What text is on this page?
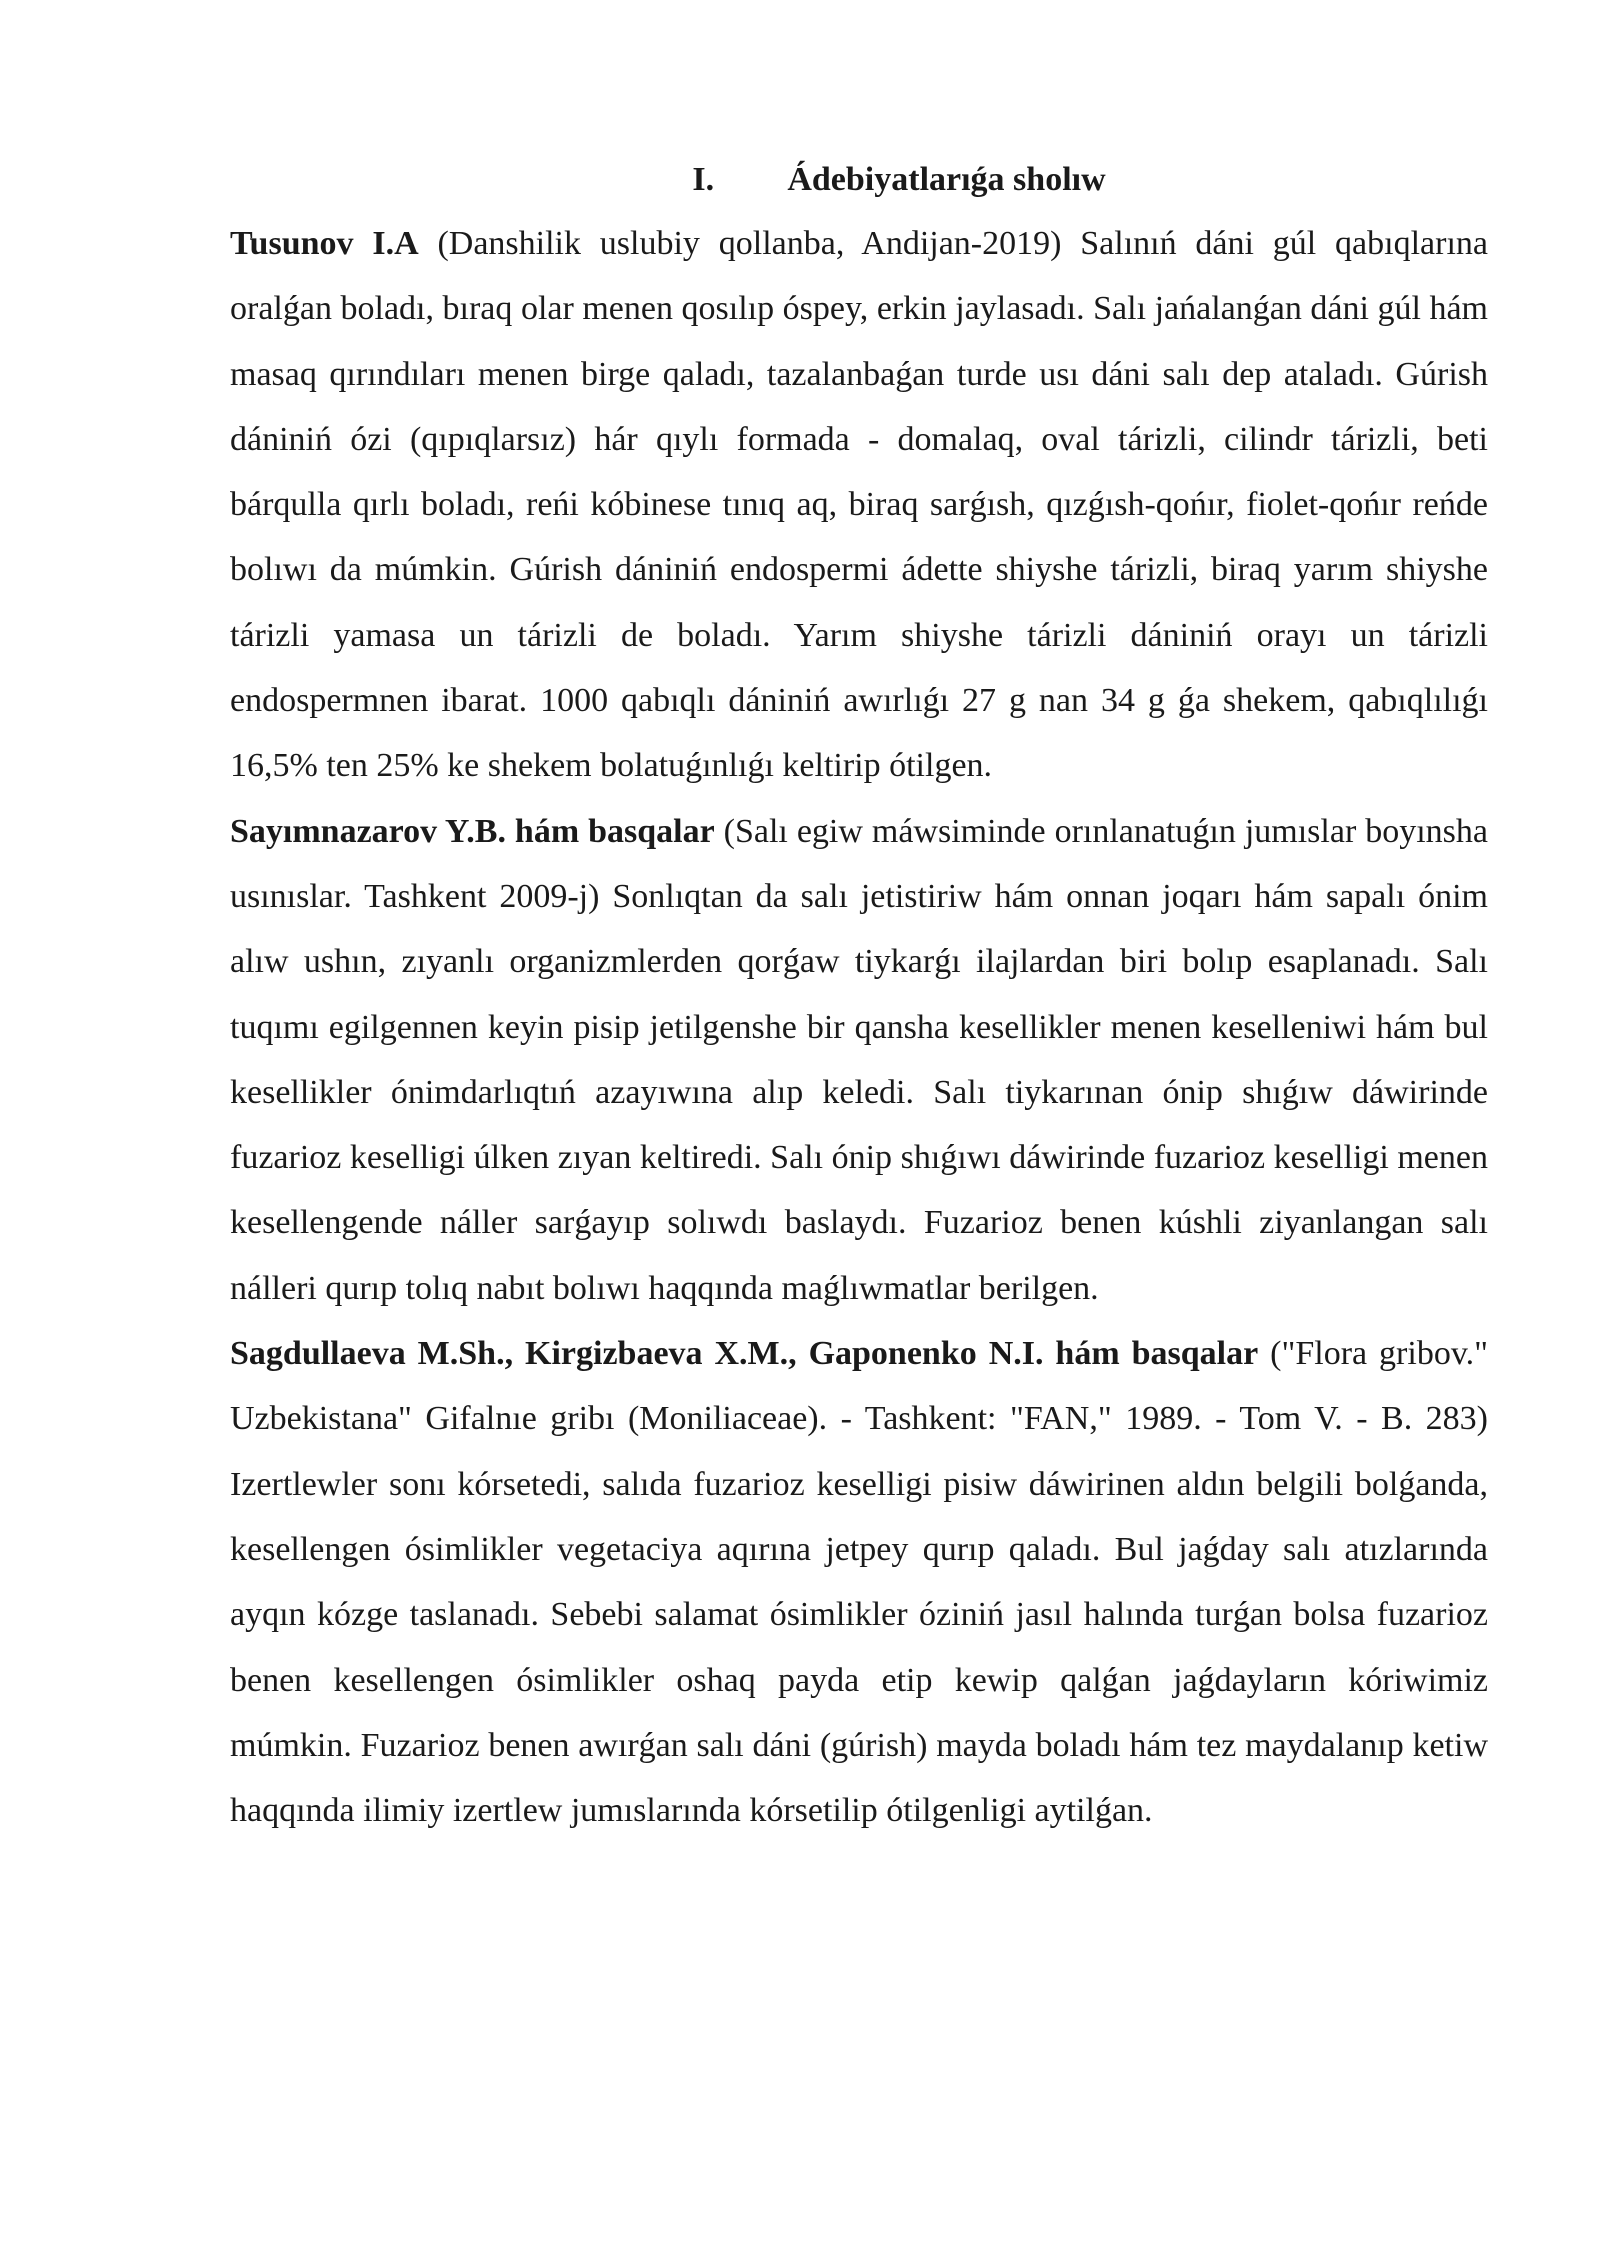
I. Ádebiyatlarıǵa sholıw

Tusunov I.A (Danshilik uslubiy qollanba, Andijan-2019) Salınıń dáni gúl qabıqlarına oralǵan boladı, bıraq olar menen qosılıp óspey, erkin jaylasadı. Salı jańalanǵan dáni gúl hám masaq qırındıları menen birge qaladı, tazalanbaǵan turde usı dáni salı dep ataladı. Gúrish dániniń ózi (qıpıqlarsız) hár qıylı formada - domalaq, oval tárizli, cilindr tárizli, beti bárqulla qırlı boladı, reńi kóbinese tınıq aq, biraq sarǵısh, qızǵısh-qońır, fiolet-qońır reńde bolıwı da múmkin. Gúrish dániniń endospermi ádette shiyshe tárizli, biraq yarım shiyshe tárizli yamasa un tárizli de boladı. Yarım shiyshe tárizli dániniń orayı un tárizli endospermnen ibarat. 1000 qabıqlı dániniń awırlıǵı 27 g nan 34 g ǵa shekem, qabıqlılıǵı 16,5% ten 25% ke shekem bolatuǵınlıǵı keltirip ótilgen.

Sayımnazarov Y.B. hám basqalar (Salı egiw máwsiminde orınlanatuǵın jumıslar boyınsha usınıslar. Tashkent 2009-j) Sonlıqtan da salı jetistiriw hám onnan joqarı hám sapalı ónim alıw ushın, zıyanlı organizmlerden qorǵaw tiykarǵı ilajlardan biri bolıp esaplanadı. Salı tuqımı egilgennen keyin pisip jetilgenshe bir qansha kesellikler menen keselleniwi hám bul kesellikler ónimdarlıqtıń azayıwına alıp keledi. Salı tiykarınan ónip shıǵıw dáwirinde fuzarioz keselligi úlken zıyan keltiredi. Salı ónip shıǵıwı dáwirinde fuzarioz keselligi menen kesellengende náller sarǵayıp solıwdı baslaydı. Fuzarioz benen kúshli ziyanlangan salı nálleri qurıp tolıq nabıt bolıwı haqqında maǵlıwmatlar berilgen.

Sagdullaeva M.Sh., Kirgizbaeva X.M., Gaponenko N.I. hám basqalar ("Flora gribov." Uzbekistana" Gifalnıe gribı (Moniliaceae). - Tashkent: "FAN," 1989. - Tom V. - B. 283) Izertlewler sonı kórsetedi, salıda fuzarioz keselligi pisiw dáwirinen aldın belgili bolǵanda, kesellengen ósimlikler vegetaciya aqırına jetpey qurıp qaladı. Bul jaǵday salı atızlarında ayqın kózge taslanadı. Sebebi salamat ósimlikler óziniń jasıl halında turǵan bolsa fuzarioz benen kesellengen ósimlikler oshaq payda etip kewip qalǵan jaǵdayların kóriwimiz múmkin. Fuzarioz benen awırǵan salı dáni (gúrish) mayda boladı hám tez maydalanıp ketiw haqqında ilimiy izertlew jumıslarında kórsetilip ótilgenligi aytilǵan.
